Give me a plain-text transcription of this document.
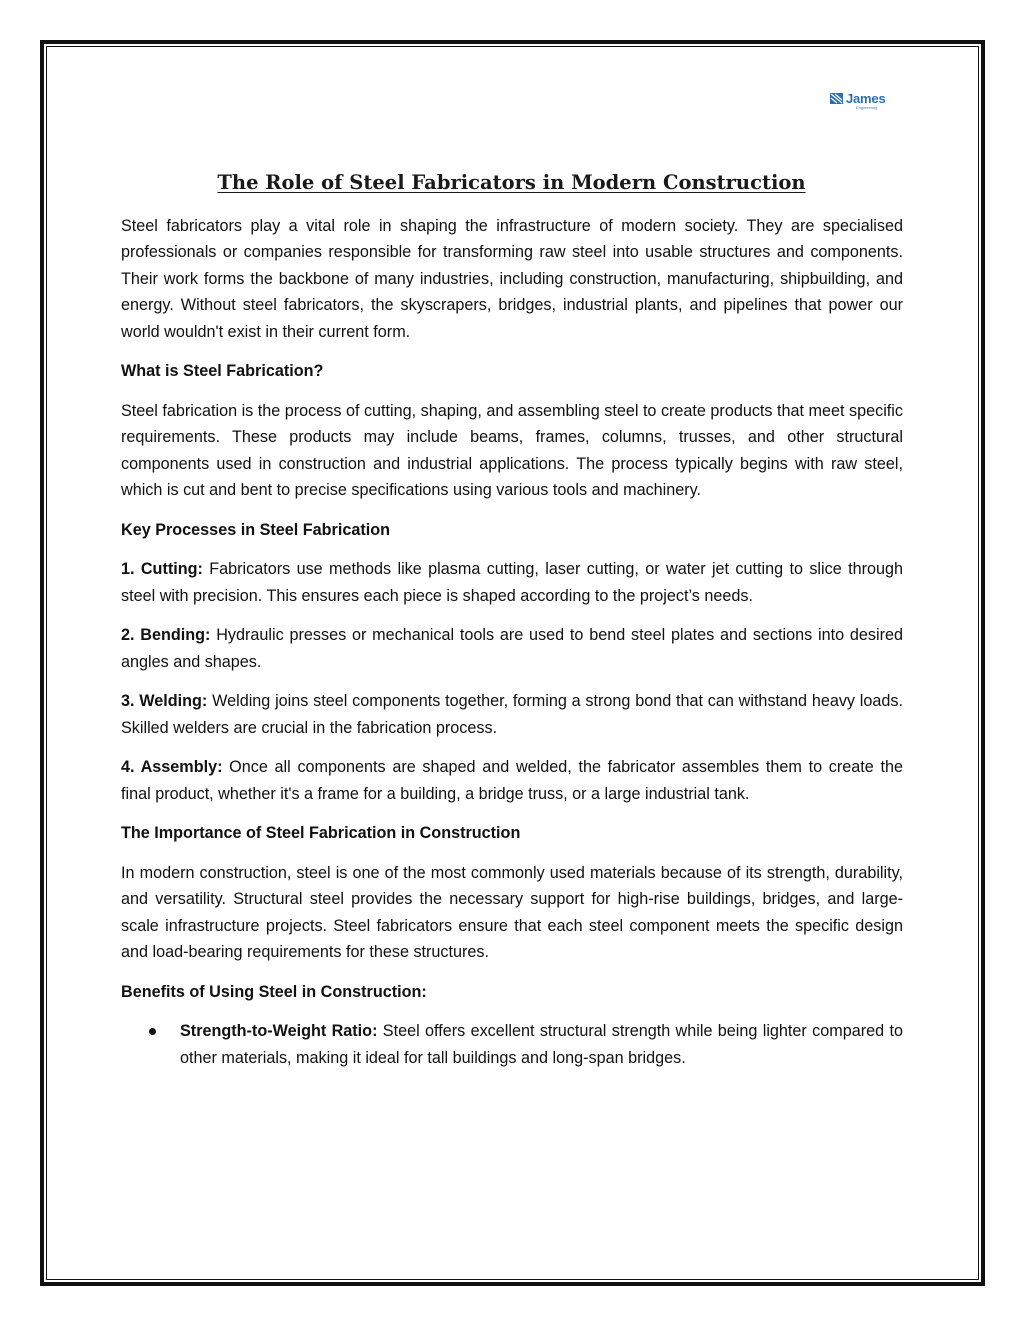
James
Engineering
The Role of Steel Fabricators in Modern Construction

Steel fabricators play a vital role in shaping the infrastructure of modern society. They are specialised professionals or companies responsible for transforming raw steel into usable structures and components. Their work forms the backbone of many industries, including construction, manufacturing, shipbuilding, and energy. Without steel fabricators, the skyscrapers, bridges, industrial plants, and pipelines that power our world wouldn't exist in their current form.

What is Steel Fabrication?

Steel fabrication is the process of cutting, shaping, and assembling steel to create products that meet specific requirements. These products may include beams, frames, columns, trusses, and other structural components used in construction and industrial applications. The process typically begins with raw steel, which is cut and bent to precise specifications using various tools and machinery.

Key Processes in Steel Fabrication

1. Cutting: Fabricators use methods like plasma cutting, laser cutting, or water jet cutting to slice through steel with precision. This ensures each piece is shaped according to the project’s needs.

2. Bending: Hydraulic presses or mechanical tools are used to bend steel plates and sections into desired angles and shapes.

3. Welding: Welding joins steel components together, forming a strong bond that can withstand heavy loads. Skilled welders are crucial in the fabrication process.

4. Assembly: Once all components are shaped and welded, the fabricator assembles them to create the final product, whether it's a frame for a building, a bridge truss, or a large industrial tank.

The Importance of Steel Fabrication in Construction

In modern construction, steel is one of the most commonly used materials because of its strength, durability, and versatility. Structural steel provides the necessary support for high-rise buildings, bridges, and large-scale infrastructure projects. Steel fabricators ensure that each steel component meets the specific design and load-bearing requirements for these structures.

Benefits of Using Steel in Construction:

Strength-to-Weight Ratio: Steel offers excellent structural strength while being lighter compared to other materials, making it ideal for tall buildings and long-span bridges.
